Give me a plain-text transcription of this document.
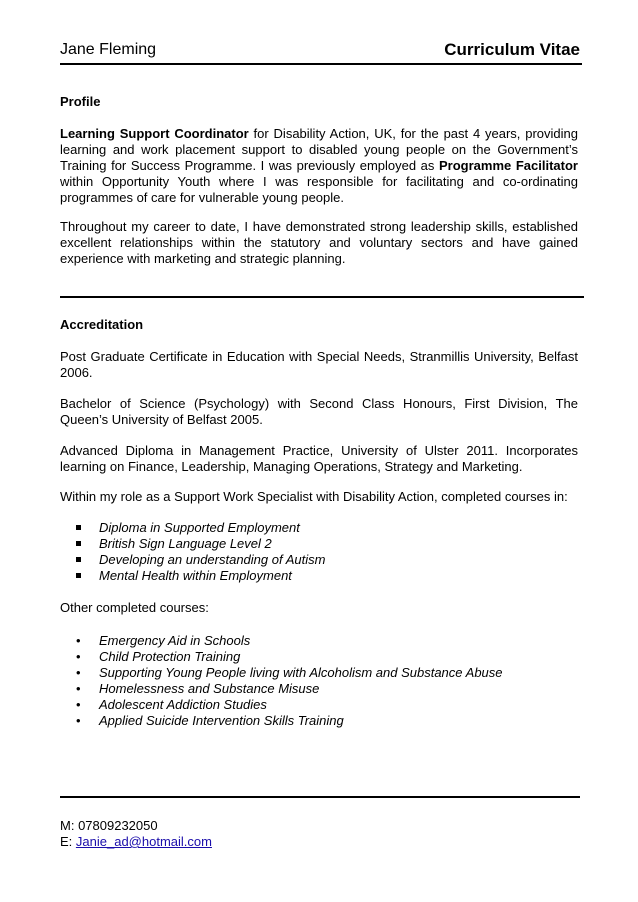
Jane Fleming	Curriculum Vitae
Profile
Learning Support Coordinator for Disability Action, UK, for the past 4 years, providing learning and work placement support to disabled young people on the Government’s Training for Success Programme. I was previously employed as Programme Facilitator within Opportunity Youth where I was responsible for facilitating and co-ordinating programmes of care for vulnerable young people.
Throughout my career to date, I have demonstrated strong leadership skills, established excellent relationships within the statutory and voluntary sectors and have gained experience with marketing and strategic planning.
Accreditation
Post Graduate Certificate in Education with Special Needs, Stranmillis University, Belfast 2006.
Bachelor of Science (Psychology) with Second Class Honours, First Division, The Queen’s University of Belfast 2005.
Advanced Diploma in Management Practice, University of Ulster 2011. Incorporates learning on Finance, Leadership, Managing Operations, Strategy and Marketing.
Within my role as a Support Work Specialist with Disability Action, completed courses in:
Diploma in Supported Employment
British Sign Language Level 2
Developing an understanding of Autism
Mental Health within Employment
Other completed courses:
• Emergency Aid in Schools
• Child Protection Training
• Supporting Young People living with Alcoholism and Substance Abuse
• Homelessness and Substance Misuse
• Adolescent Addiction Studies
• Applied Suicide Intervention Skills Training
M: 07809232050
E: Janie_ad@hotmail.com
